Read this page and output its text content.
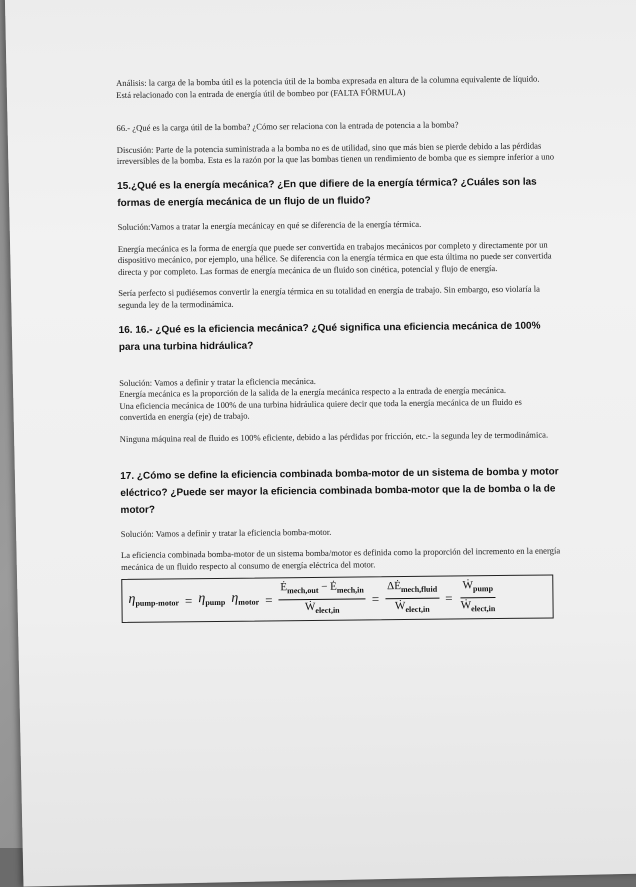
Análisis: la carga de la bomba útil es la potencia útil de la bomba expresada en altura de la columna equivalente de líquido. Está relacionado con la entrada de energía útil de bombeo por (FALTA FÓRMULA)

66.- ¿Qué es la carga útil de la bomba? ¿Cómo ser relaciona con la entrada de potencia a la bomba?

Discusión: Parte de la potencia suministrada a la bomba no es de utilidad, sino que más bien se pierde debido a las pérdidas irreversibles de la bomba. Esta es la razón por la que las bombas tienen un rendimiento de bomba que es siempre inferior a uno

15.¿Qué es la energía mecánica? ¿En que difiere de la energía térmica? ¿Cuáles son las formas de energía mecánica de un flujo de un fluido?

Solución:Vamos a tratar la energía mecánicay en qué se diferencia de la energía térmica.

Energía mecánica es la forma de energía que puede ser convertida en trabajos mecánicos por completo y directamente por un dispositivo mecánico, por ejemplo, una hélice. Se diferencia con la energía térmica en que esta última no puede ser convertida directa y por completo. Las formas de energía mecánica de un fluido son cinética, potencial y flujo de energía.

Sería perfecto si pudiésemos convertir la energía térmica en su totalidad en energía de trabajo. Sin embargo, eso violaría la segunda ley de la termodinámica.

16. 16.- ¿Qué es la eficiencia mecánica? ¿Qué significa una eficiencia mecánica de 100% para una turbina hidráulica?

Solución: Vamos a definir y tratar la eficiencia mecánica.

Energía mecánica es la proporción de la salida de la energía mecánica respecto a la entrada de energía mecánica.

Una eficiencia mecánica de 100% de una turbina hidráulica quiere decir que toda la energía mecánica de un fluido es convertida en energía (eje) de trabajo.

Ninguna máquina real de fluido es 100% eficiente, debido a las pérdidas por fricción, etc.- la segunda ley de termodinámica.

17. ¿Cómo se define la eficiencia combinada bomba-motor de un sistema de bomba y motor eléctrico? ¿Puede ser mayor la eficiencia combinada bomba-motor que la de bomba o la de motor?

Solución: Vamos a definir y tratar la eficiencia bomba-motor.

La eficiencia combinada bomba-motor de un sistema bomba/motor es definida como la proporción del incremento en la energía mecánica de un fluido respecto al consumo de energía eléctrica del motor.

$\eta_{pump-motor} = \eta_{pump}$ $\eta_{motor} = \frac{Ė_{mech,out} - Ė_{mech,in}}{Ẇ_{elect,in}} = \frac{\Delta Ė_{mech,fluid}}{Ẇ_{elect,in}} = \frac{Ẇ_{pump}}{Ẇ_{elect,in}}$
